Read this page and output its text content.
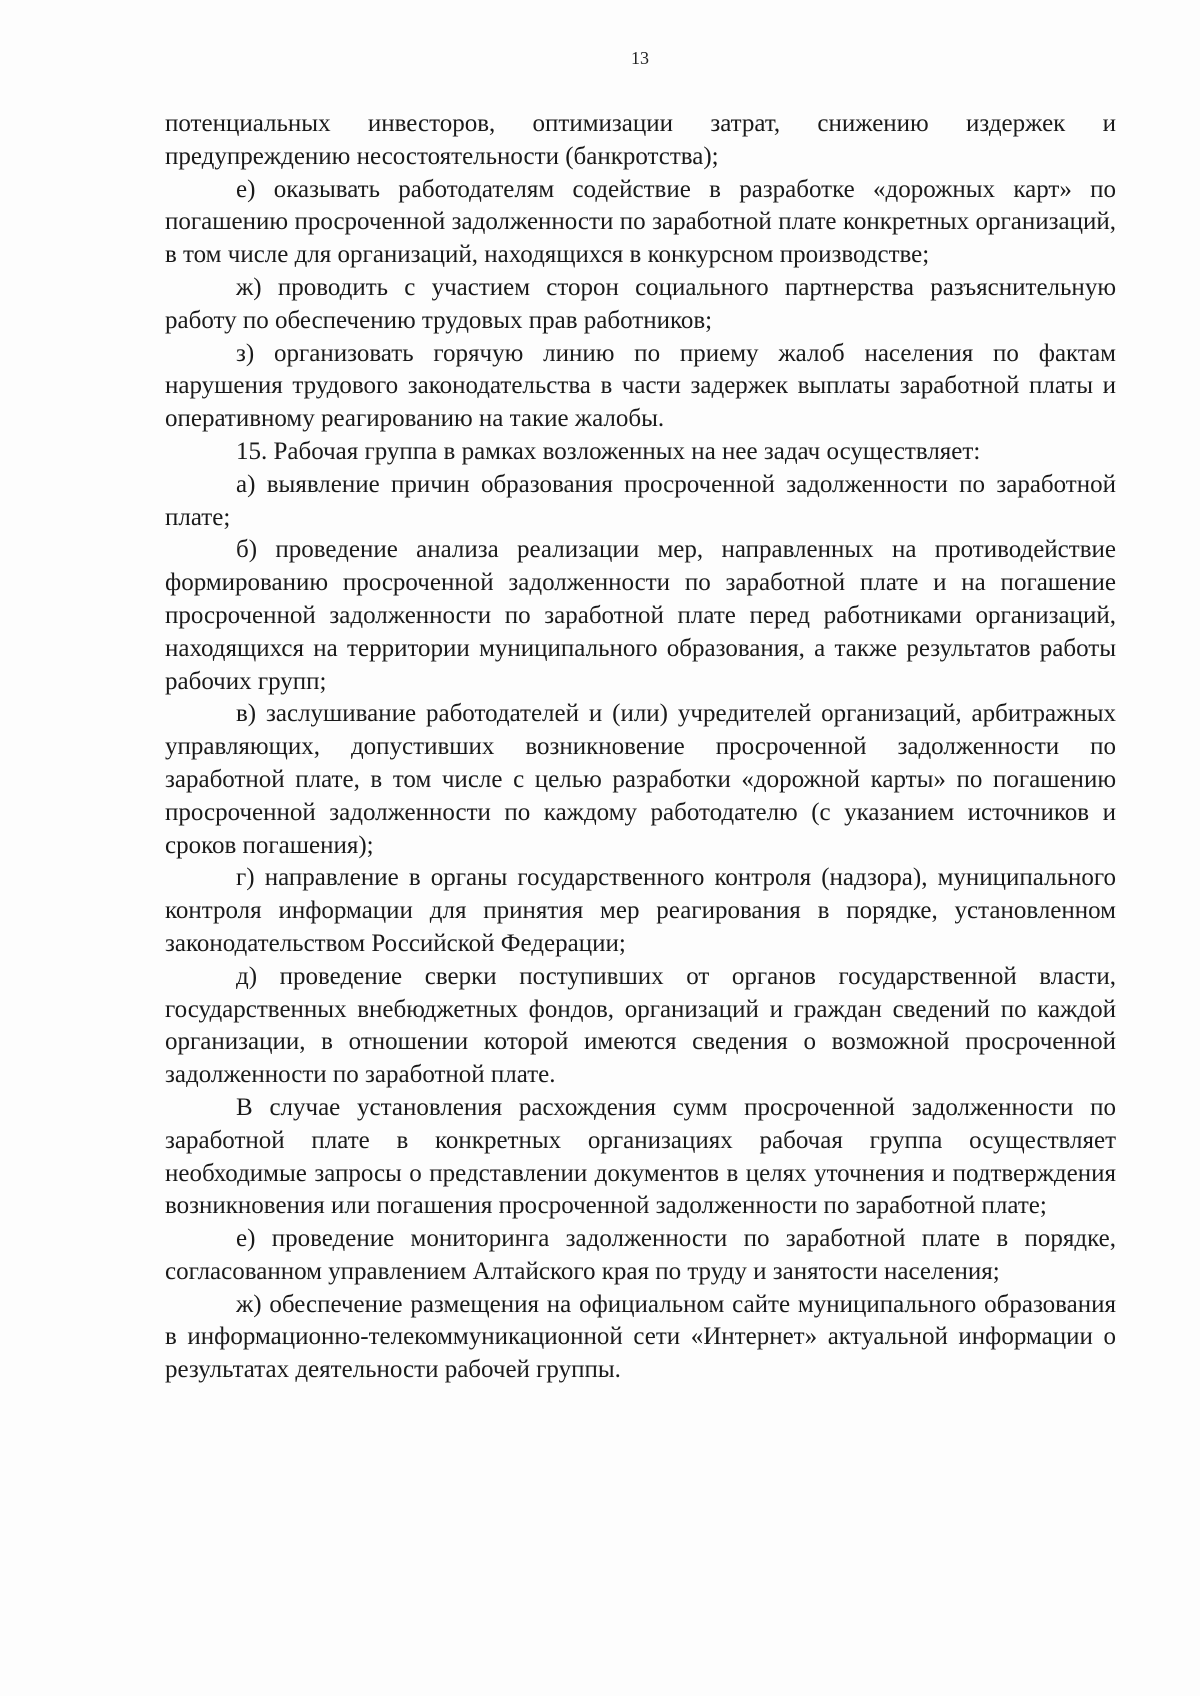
13

потенциальных инвесторов, оптимизации затрат, снижению издержек и предупреждению несостоятельности (банкротства);

е) оказывать работодателям содействие в разработке «дорожных карт» по погашению просроченной задолженности по заработной плате конкретных организаций, в том числе для организаций, находящихся в конкурсном производстве;

ж) проводить с участием сторон социального партнерства разъяснительную работу по обеспечению трудовых прав работников;

з) организовать горячую линию по приему жалоб населения по фактам нарушения трудового законодательства в части задержек выплаты заработной платы и оперативному реагированию на такие жалобы.

15. Рабочая группа в рамках возложенных на нее задач осуществляет:

а) выявление причин образования просроченной задолженности по заработной плате;

б) проведение анализа реализации мер, направленных на противодействие формированию просроченной задолженности по заработной плате и на погашение просроченной задолженности по заработной плате перед работниками организаций, находящихся на территории муниципального образования, а также результатов работы рабочих групп;

в) заслушивание работодателей и (или) учредителей организаций, арбитражных управляющих, допустивших возникновение просроченной задолженности по заработной плате, в том числе с целью разработки «дорожной карты» по погашению просроченной задолженности по каждому работодателю (с указанием источников и сроков погашения);

г) направление в органы государственного контроля (надзора), муниципального контроля информации для принятия мер реагирования в порядке, установленном законодательством Российской Федерации;

д) проведение сверки поступивших от органов государственной власти, государственных внебюджетных фондов, организаций и граждан сведений по каждой организации, в отношении которой имеются сведения о возможной просроченной задолженности по заработной плате.

В случае установления расхождения сумм просроченной задолженности по заработной плате в конкретных организациях рабочая группа осуществляет необходимые запросы о представлении документов в целях уточнения и подтверждения возникновения или погашения просроченной задолженности по заработной плате;

е) проведение мониторинга задолженности по заработной плате в порядке, согласованном управлением Алтайского края по труду и занятости населения;

ж) обеспечение размещения на официальном сайте муниципального образования в информационно-телекоммуникационной сети «Интернет» актуальной информации о результатах деятельности рабочей группы.
